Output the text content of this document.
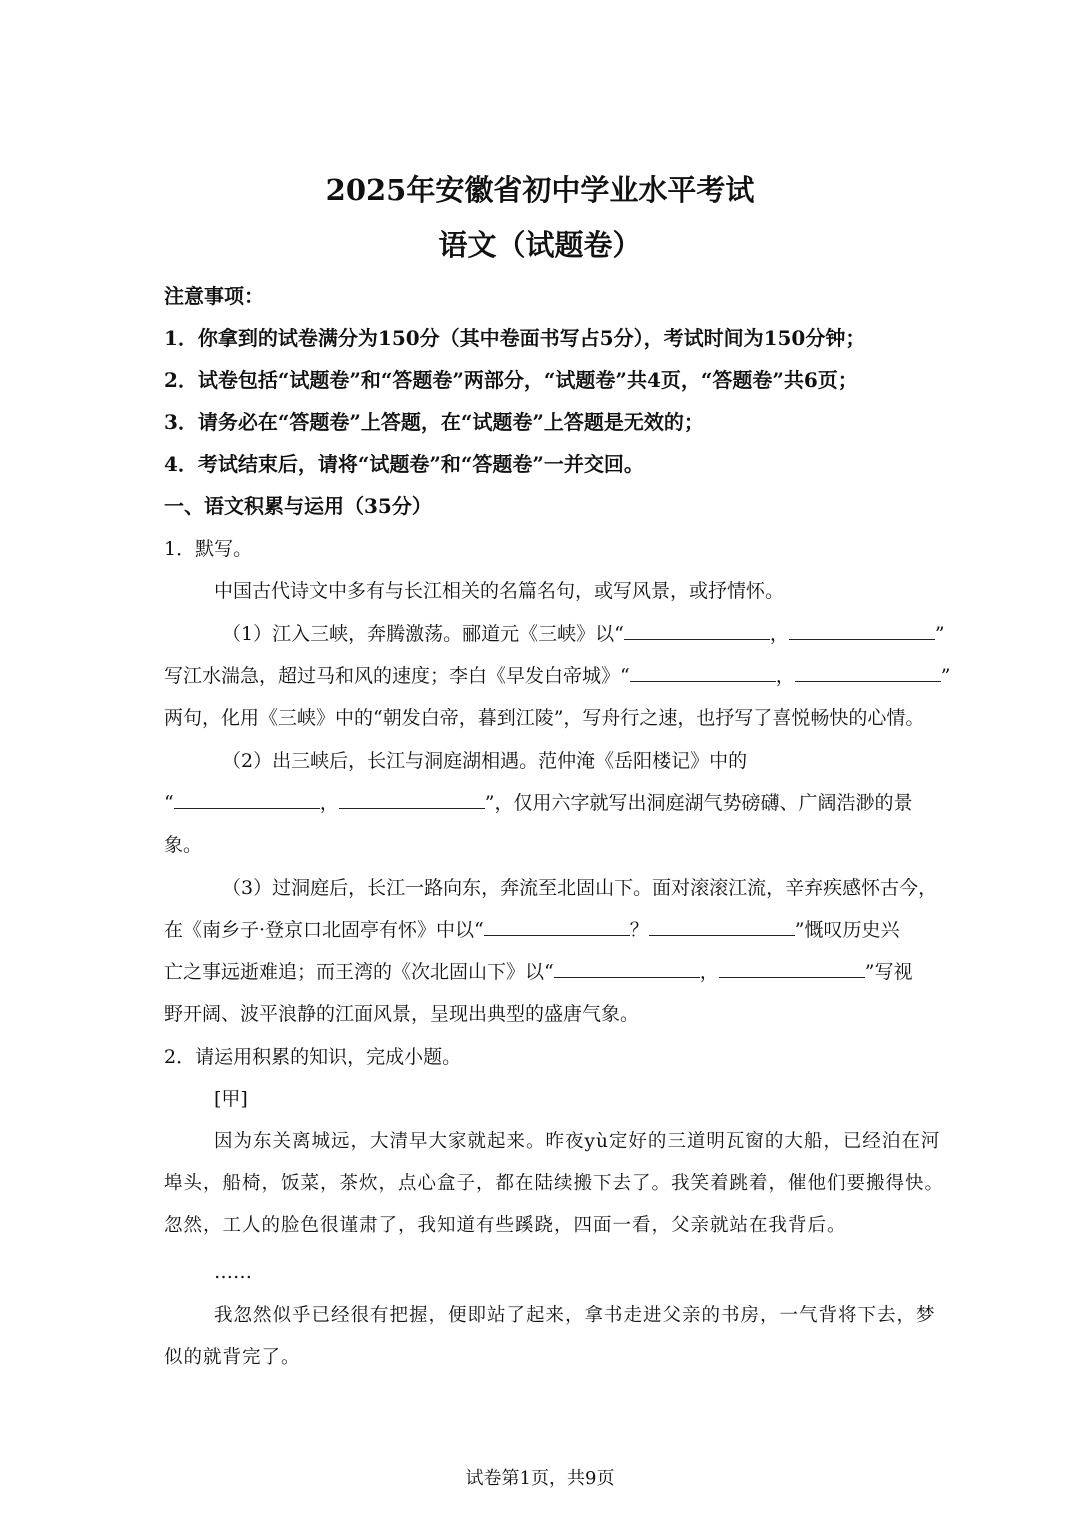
2025年安徽省初中学业水平考试
语文（试题卷）
注意事项：
1．你拿到的试卷满分为150分（其中卷面书写占5分），考试时间为150分钟；
2．试卷包括“试题卷”和“答题卷”两部分，“试题卷”共4页，“答题卷”共6页；
3．请务必在“答题卷”上答题，在“试题卷”上答题是无效的；
4．考试结束后，请将“试题卷”和“答题卷”一并交回。
一、语文积累与运用（35分）
1．默写。
中国古代诗文中多有与长江相关的名篇名句，或写风景，或抒情怀。
（1）江入三峡，奔腾激荡。郦道元《三峡》以“	，	”
写江水湍急，超过马和风的速度；李白《早发白帝城》“	，	”
两句，化用《三峡》中的“朝发白帝，暮到江陵”，写舟行之速，也抒写了喜悦畅快的心情。
（2）出三峡后，长江与洞庭湖相遇。范仲淹《岳阳楼记》中的
“	，	”，仅用六字就写出洞庭湖气势磅礴、广阔浩渺的景
象。
（3）过洞庭后，长江一路向东，奔流至北固山下。面对滚滚江流，辛弃疾感怀古今，
在《南乡子·登京口北固亭有怀》中以“	？	”慨叹历史兴
亡之事远逝难追；而王湾的《次北固山下》以“	，	”写视
野开阔、波平浪静的江面风景，呈现出典型的盛唐气象。
2．请运用积累的知识，完成小题。
[甲]
因为东关离城远，大清早大家就起来。昨夜yù定好的三道明瓦窗的大船，已经泊在河
埠头，船椅，饭菜，茶炊，点心盒子，都在陆续搬下去了。我笑着跳着，催他们要搬得快。
忽然，工人的脸色很谨肃了，我知道有些蹊跷，四面一看，父亲就站在我背后。
……
我忽然似乎已经很有把握，便即站了起来，拿书走进父亲的书房，一气背将下去，梦
似的就背完了。
试卷第1页，共9页
